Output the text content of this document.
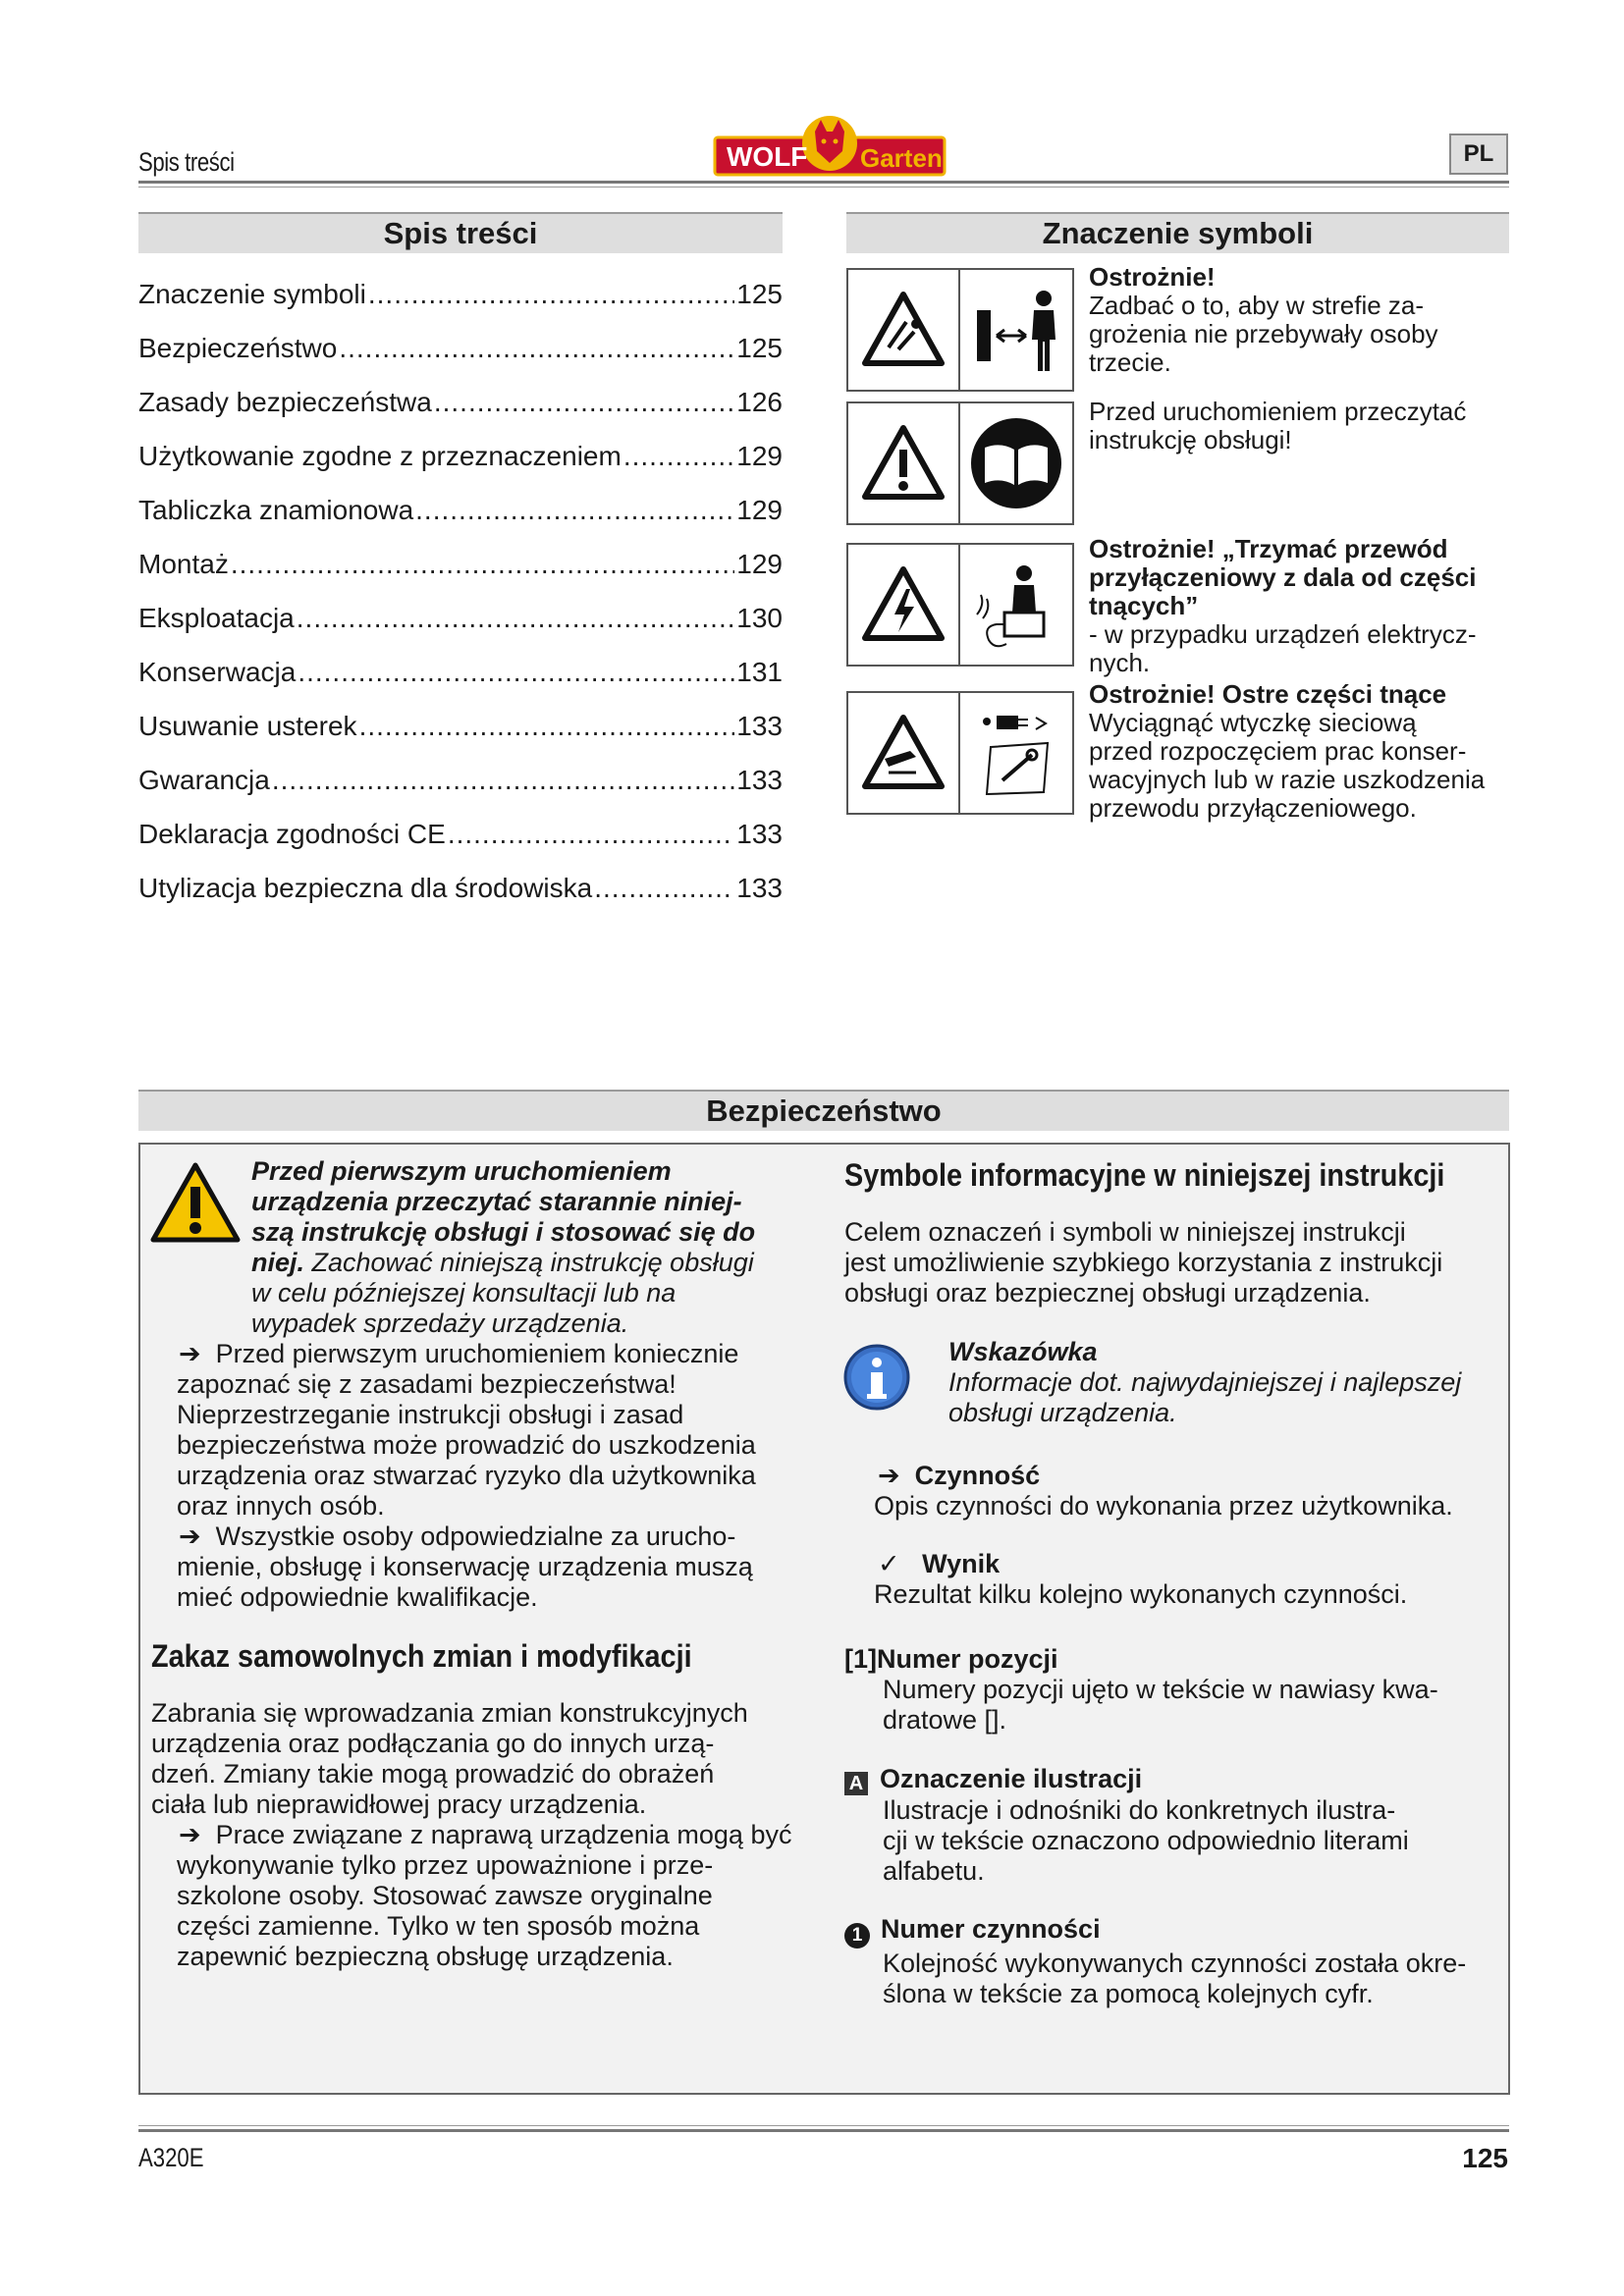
Spis treści	WOLF Garten	PL
Spis treści
Znaczenie symboli .....	125
Bezpieczeństwo .....	125
Zasady bezpieczeństwa .....	126
Użytkowanie zgodne z przeznaczeniem .....	129
Tabliczka znamionowa .....	129
Montaż .....	129
Eksploatacja .....	130
Konserwacja .....	131
Usuwanie usterek .....	133
Gwarancja .....	133
Deklaracja zgodności CE .....	133
Utylizacja bezpieczna dla środowiska .....	133
Znaczenie symboli
Ostrożnie!
Zadbać o to, aby w strefie za-
grożenia nie przebywały osoby
trzecie.
Przed uruchomieniem przeczytać
instrukcję obsługi!
Ostrożnie! „Trzymać przewód
przyłączeniowy z dala od części
tnących”
- w przypadku urządzeń elektrycz-
nych.
Ostrożnie! Ostre części tnące
Wyciągnąć wtyczkę sieciową
przed rozpoczęciem prac konser-
wacyjnych lub w razie uszkodzenia
przewodu przyłączeniowego.
Bezpieczeństwo
Przed pierwszym uruchomieniem
urządzenia przeczytać starannie niniej-
szą instrukcję obsługi i stosować się do
niej. Zachować niniejszą instrukcję obsługi
w celu późniejszej konsultacji lub na
wypadek sprzedaży urządzenia.
➔ Przed pierwszym uruchomieniem koniecznie
zapoznać się z zasadami bezpieczeństwa!
Nieprzestrzeganie instrukcji obsługi i zasad
bezpieczeństwa może prowadzić do uszkodzenia
urządzenia oraz stwarzać ryzyko dla użytkownika
oraz innych osób.
➔ Wszystkie osoby odpowiedzialne za urucho-
mienie, obsługę i konserwację urządzenia muszą
mieć odpowiednie kwalifikacje.
Zakaz samowolnych zmian i modyfikacji
Zabrania się wprowadzania zmian konstrukcyjnych
urządzenia oraz podłączania go do innych urzą-
dzeń. Zmiany takie mogą prowadzić do obrażeń
ciała lub nieprawidłowej pracy urządzenia.
➔ Prace związane z naprawą urządzenia mogą być
wykonywanie tylko przez upoważnione i prze-
szkolone osoby. Stosować zawsze oryginalne
części zamienne. Tylko w ten sposób można
zapewnić bezpieczną obsługę urządzenia.
Symbole informacyjne w niniejszej instrukcji
Celem oznaczeń i symboli w niniejszej instrukcji
jest umożliwienie szybkiego korzystania z instrukcji
obsługi oraz bezpiecznej obsługi urządzenia.
Wskazówka
Informacje dot. najwydajniejszej i najlepszej
obsługi urządzenia.
➔ Czynność
Opis czynności do wykonania przez użytkownika.
✓ Wynik
Rezultat kilku kolejno wykonanych czynności.
[1]Numer pozycji
Numery pozycji ujęto w tekście w nawiasy kwa-
dratowe [].
A Oznaczenie ilustracji
Ilustracje i odnośniki do konkretnych ilustra-
cji w tekście oznaczono odpowiednio literami
alfabetu.
1 Numer czynności
Kolejność wykonywanych czynności została okre-
ślona w tekście za pomocą kolejnych cyfr.
A320E	125
